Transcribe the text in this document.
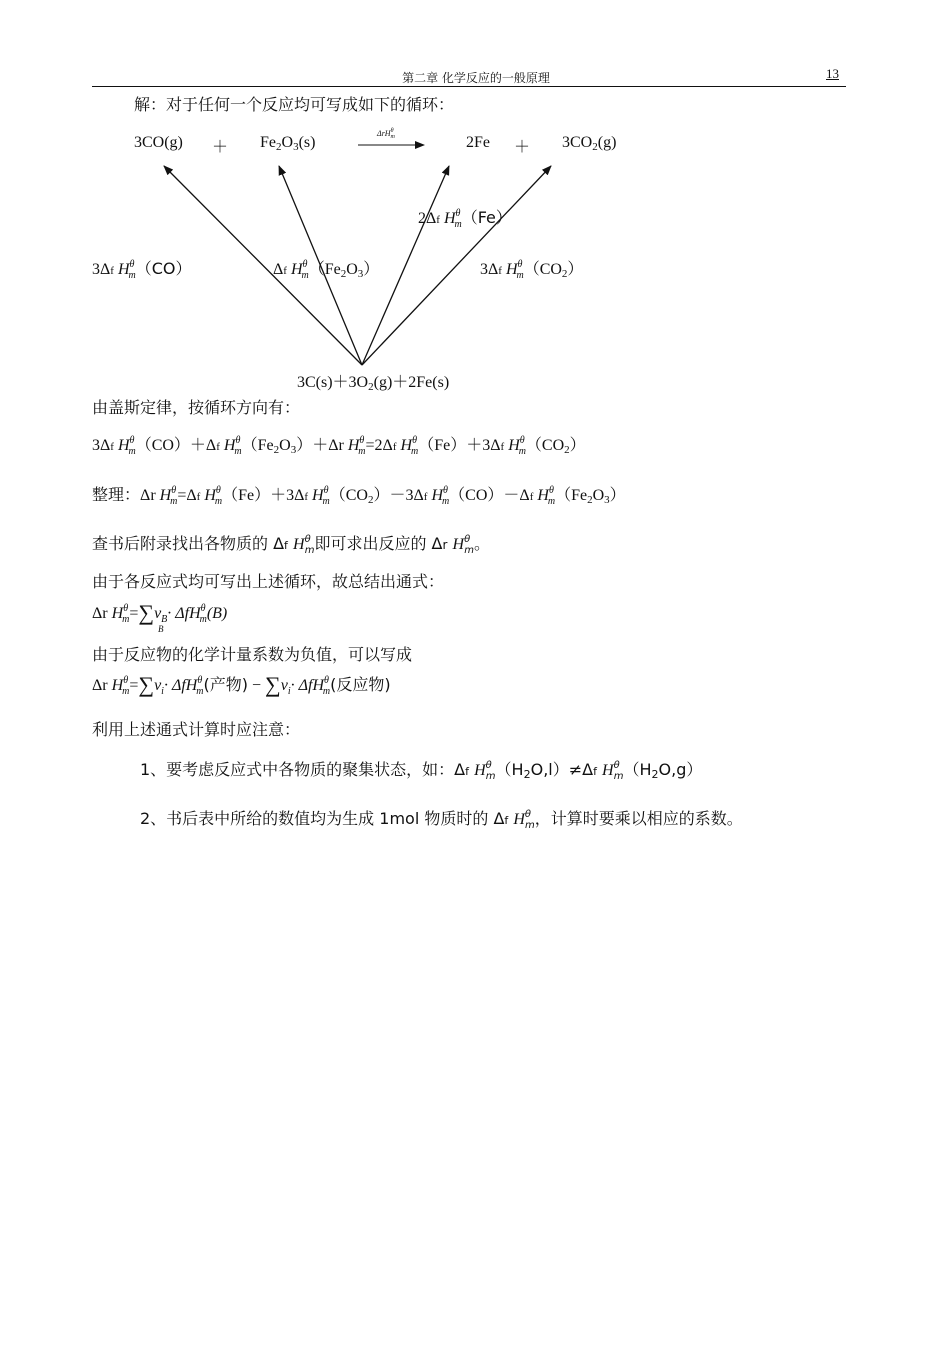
第二章 化学反应的一般原理	13
解：对于任何一个反应均可写成如下的循环：
3CO(g) ＋ Fe2O3(s)
ΔrH$^\theta_m$	2Fe ＋ 3CO2(g)
2Δf $H^\theta_m(Fe)$
3Δf $H^\theta_m(CO)$	Δf $H^\theta_m(Fe2O3)$	3Δf $H^\theta_m(CO2)$
3C(s)＋3O2(g)＋2Fe(s)
由盖斯定律，按循环方向有：
3Δf $H^\theta_m(CO)+\Delta f$ $H^\theta_m(Fe2O3)+\Delta r$ $H^\theta_m=2\Delta f$ $H^\theta_m(Fe)+3\Delta f$ $H^\theta_m(CO2)$
整理：Δr $H^\theta_m=\Delta f$ $H^\theta_m(Fe)+3\Delta f$ $H^\theta_m(CO2)-3\Delta f$ $H^\theta_m(CO)-\Delta f$ $H^\theta_m(Fe2O3)$
查书后附录找出各物质的 Δf $H^\theta_m$即可求出反应的 Δr $H^\theta_m$。
由于各反应式均可写出上述循环，故总结出通式：
Δr $H^\theta_m=\sum\nu_B\cdot \Delta fH^\theta_m(B)$
B
由于反应物的化学计量系数为负值，可以写成
Δr $H^\theta_m=\sum\nu_i\cdot \Delta fH^\theta_m$(产物) − $\sum\nu_i\cdot \Delta fH^\theta_m$(反应物)
利用上述通式计算时应注意：
1、要考虑反应式中各物质的聚集状态，如：Δf $H^\theta_m(H2O,l)\ne\Delta f$ $H^\theta_m(H2O,g)$
2、书后表中所给的数值均为生成 1mol 物质时的 Δf $H^\theta_m$，计算时要乘以相应的系数。
